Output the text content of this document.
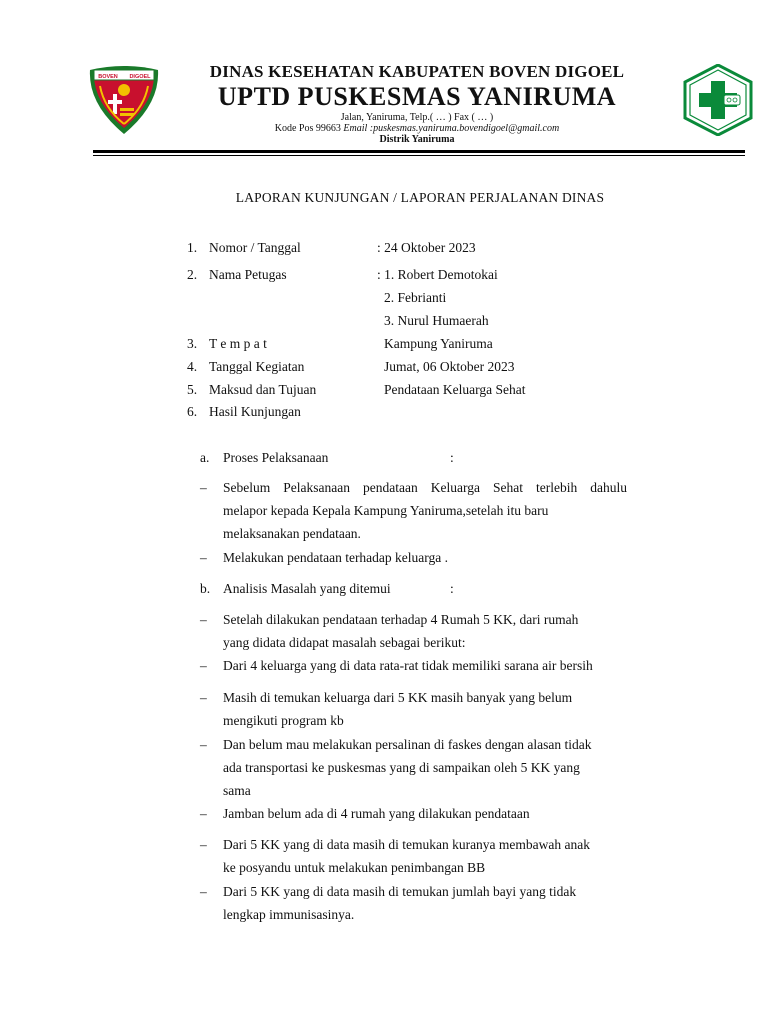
BOVEN DIGOEL	DINAS KESEHATAN KABUPATEN BOVEN DIGOEL
UPTD PUSKESMAS YANIRUMA
Jalan, Yaniruma, Telp.( … ) Fax ( … )
Kode Pos 99663 Email :puskesmas.yaniruma.bovendigoel@gmail.com
Distrik Yaniruma
LAPORAN KUNJUNGAN / LAPORAN PERJALANAN DINAS
1. Nomor / Tanggal	: 24 Oktober 2023
2. Nama Petugas	: 1. Robert Demotokai
2. Febrianti
3. Nurul Humaerah
3. T e m p a t	Kampung Yaniruma
4. Tanggal Kegiatan	Jumat, 06 Oktober 2023
5. Maksud dan Tujuan	Pendataan Keluarga Sehat
6. Hasil Kunjungan
a. Proses Pelaksanaan	:
– Sebelum Pelaksanaan pendataan Keluarga Sehat terlebih dahulu
melapor kepada Kepala Kampung Yaniruma,setelah itu baru
melaksanakan pendataan.
– Melakukan pendataan terhadap keluarga .
b. Analisis Masalah yang ditemui	:
– Setelah dilakukan pendataan terhadap 4 Rumah 5 KK, dari rumah
yang didata didapat masalah sebagai berikut:
– Dari 4 keluarga yang di data rata-rat tidak memiliki sarana air bersih
– Masih di temukan keluarga dari 5 KK masih banyak yang belum
mengikuti program kb
– Dan belum mau melakukan persalinan di faskes dengan alasan tidak
ada transportasi ke puskesmas yang di sampaikan oleh 5 KK yang
sama
– Jamban belum ada di 4 rumah yang dilakukan pendataan
– Dari 5 KK yang di data masih di temukan kuranya membawah anak
ke posyandu untuk melakukan penimbangan BB
– Dari 5 KK yang di data masih di temukan jumlah bayi yang tidak
lengkap immunisasinya.
